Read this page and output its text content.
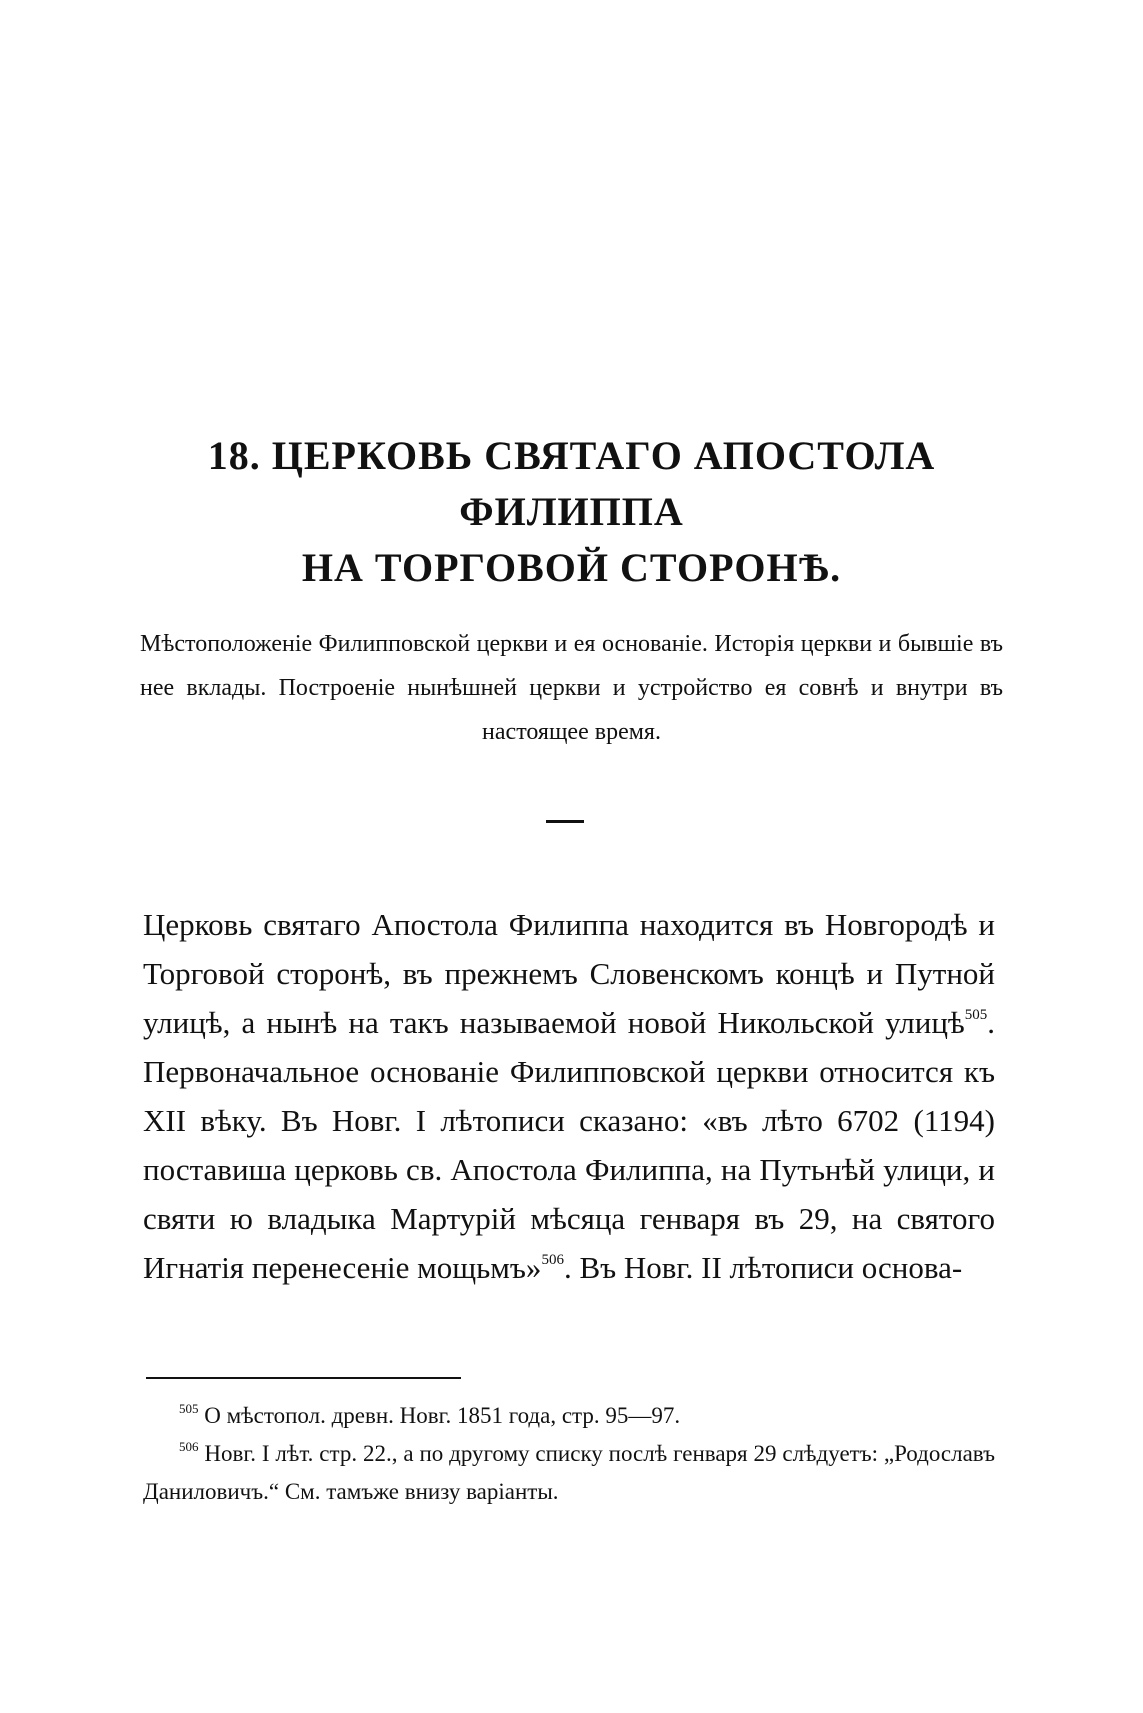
18. ЦЕРКОВЬ СВЯТАГО АПОСТОЛА ФИЛИППА
НА ТОРГОВОЙ СТОРОНѢ.

Мѣстоположеніе Филипповской церкви и ея основаніе. Исторія церкви и бывшіе въ нее вклады. Построеніе нынѣшней церкви и устройство ея совнѣ и внутри въ настоящее время.

Церковь святаго Апостола Филиппа находится въ Новгородѣ и Торговой сторонѣ, въ прежнемъ Словенскомъ концѣ и Путной улицѣ, а нынѣ на такъ называемой новой Никольской улицѣ$^{505}$. Первоначальное основаніе Филипповской церкви относится къ XII вѣку. Въ Новг. I лѣтописи сказано: «въ лѣто 6702 (1194) поставиша церковь св. Апостола Филиппа, на Путьнѣй улици, и святи ю владыка Мартурій мѣсяца генваря въ 29, на святого Игнатія перенесеніе мощьмъ»$^{506}$. Въ Новг. II лѣтописи основа-

$^{505}$ О мѣстопол. древн. Новг. 1851 года, стр. 95—97.

$^{506}$ Новг. I лѣт. стр. 22., а по другому списку послѣ генваря 29 слѣдуетъ: „Родославъ Даниловичъ.“ См. тамъже внизу варіанты.
